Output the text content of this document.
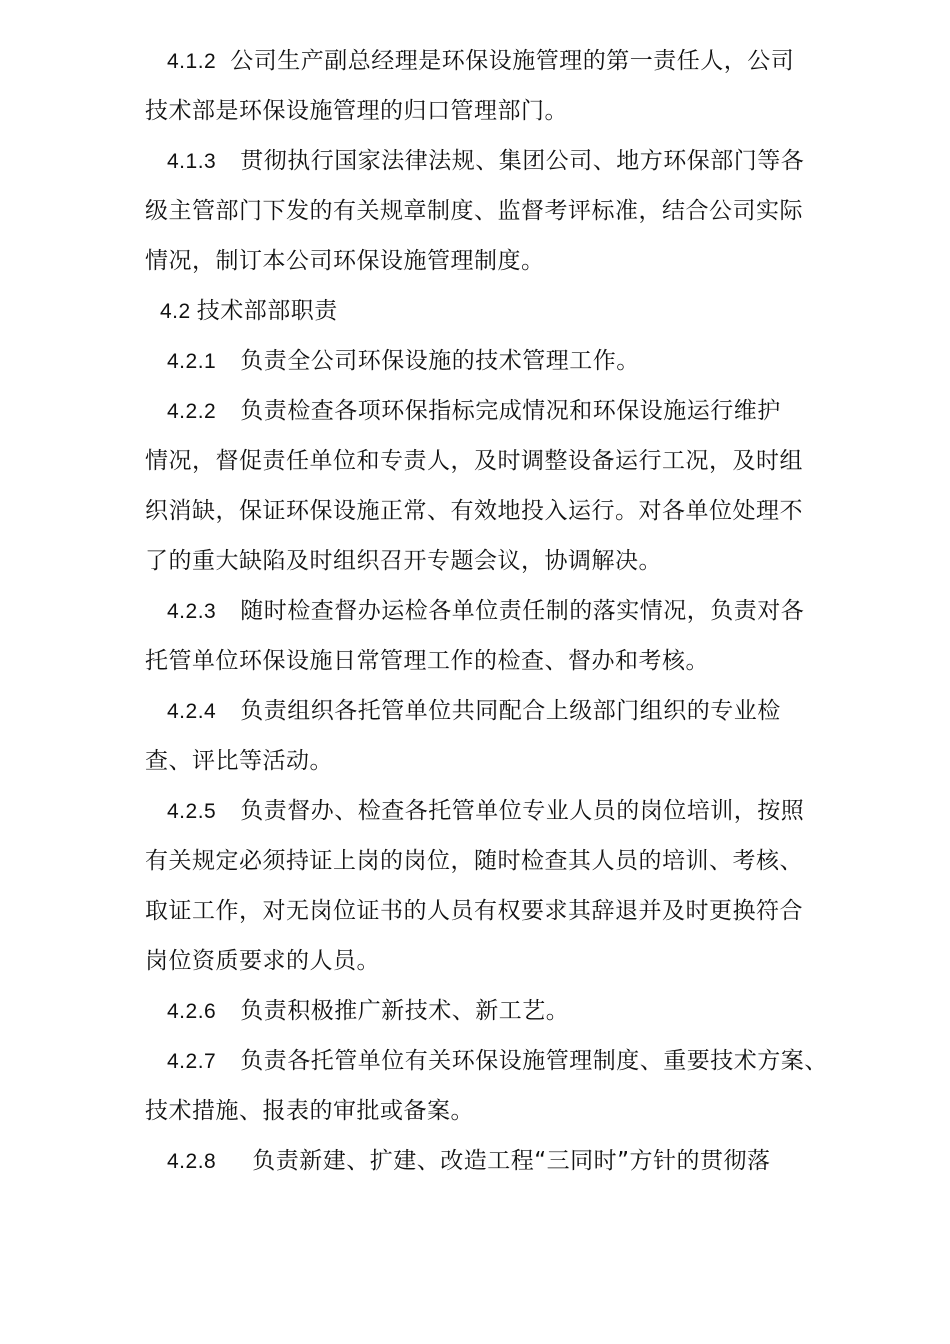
4.1.2 公司生产副总经理是环保设施管理的第一责任人，公司
技术部是环保设施管理的归口管理部门。
4.1.3 贯彻执行国家法律法规、集团公司、地方环保部门等各
级主管部门下发的有关规章制度、监督考评标准，结合公司实际
情况，制订本公司环保设施管理制度。
4.2 技术部部职责
4.2.1 负责全公司环保设施的技术管理工作。
4.2.2 负责检查各项环保指标完成情况和环保设施运行维护
情况，督促责任单位和专责人，及时调整设备运行工况，及时组
织消缺，保证环保设施正常、有效地投入运行。对各单位处理不
了的重大缺陷及时组织召开专题会议，协调解决。
4.2.3 随时检查督办运检各单位责任制的落实情况，负责对各
托管单位环保设施日常管理工作的检查、督办和考核。
4.2.4 负责组织各托管单位共同配合上级部门组织的专业检
查、评比等活动。
4.2.5 负责督办、检查各托管单位专业人员的岗位培训，按照
有关规定必须持证上岗的岗位，随时检查其人员的培训、考核、
取证工作，对无岗位证书的人员有权要求其辞退并及时更换符合
岗位资质要求的人员。
4.2.6 负责积极推广新技术、新工艺。
4.2.7 负责各托管单位有关环保设施管理制度、重要技术方案、
技术措施、报表的审批或备案。
4.2.8 负责新建、扩建、改造工程“三同时”方针的贯彻落
